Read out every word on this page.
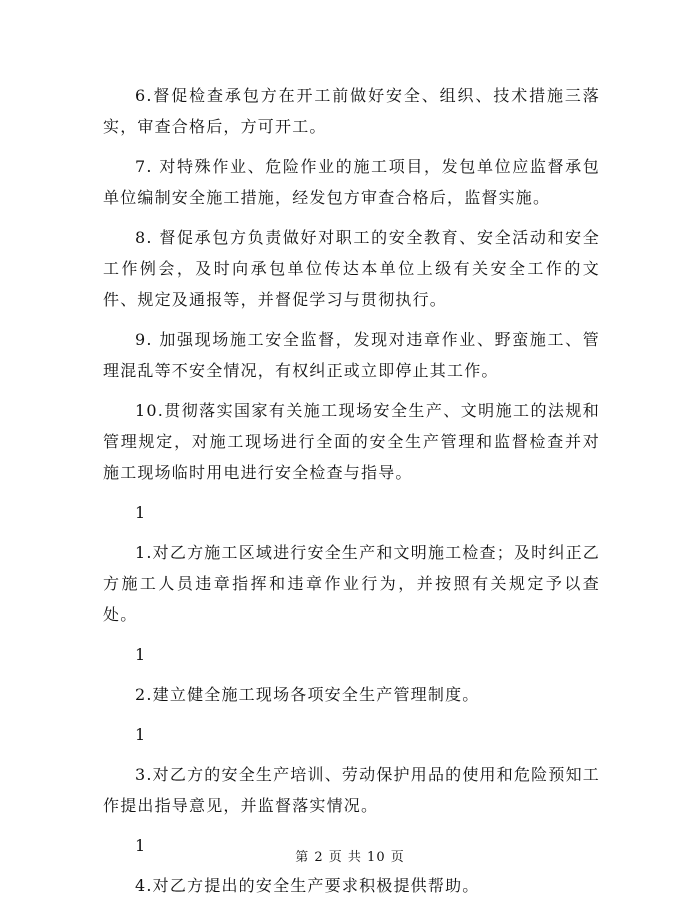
6.督促检查承包方在开工前做好安全、组织、技术措施三落实，审查合格后，方可开工。

7. 对特殊作业、危险作业的施工项目，发包单位应监督承包单位编制安全施工措施，经发包方审查合格后，监督实施。

8. 督促承包方负责做好对职工的安全教育、安全活动和安全工作例会，及时向承包单位传达本单位上级有关安全工作的文件、规定及通报等，并督促学习与贯彻执行。

9. 加强现场施工安全监督，发现对违章作业、野蛮施工、管理混乱等不安全情况，有权纠正或立即停止其工作。

10.贯彻落实国家有关施工现场安全生产、文明施工的法规和管理规定，对施工现场进行全面的安全生产管理和监督检查并对施工现场临时用电进行安全检查与指导。

1

1.对乙方施工区域进行安全生产和文明施工检查；及时纠正乙方施工人员违章指挥和违章作业行为，并按照有关规定予以查处。

1

2.建立健全施工现场各项安全生产管理制度。

1

3.对乙方的安全生产培训、劳动保护用品的使用和危险预知工作提出指导意见，并监督落实情况。

1

4.对乙方提出的安全生产要求积极提供帮助。

第 2 页 共 10 页
